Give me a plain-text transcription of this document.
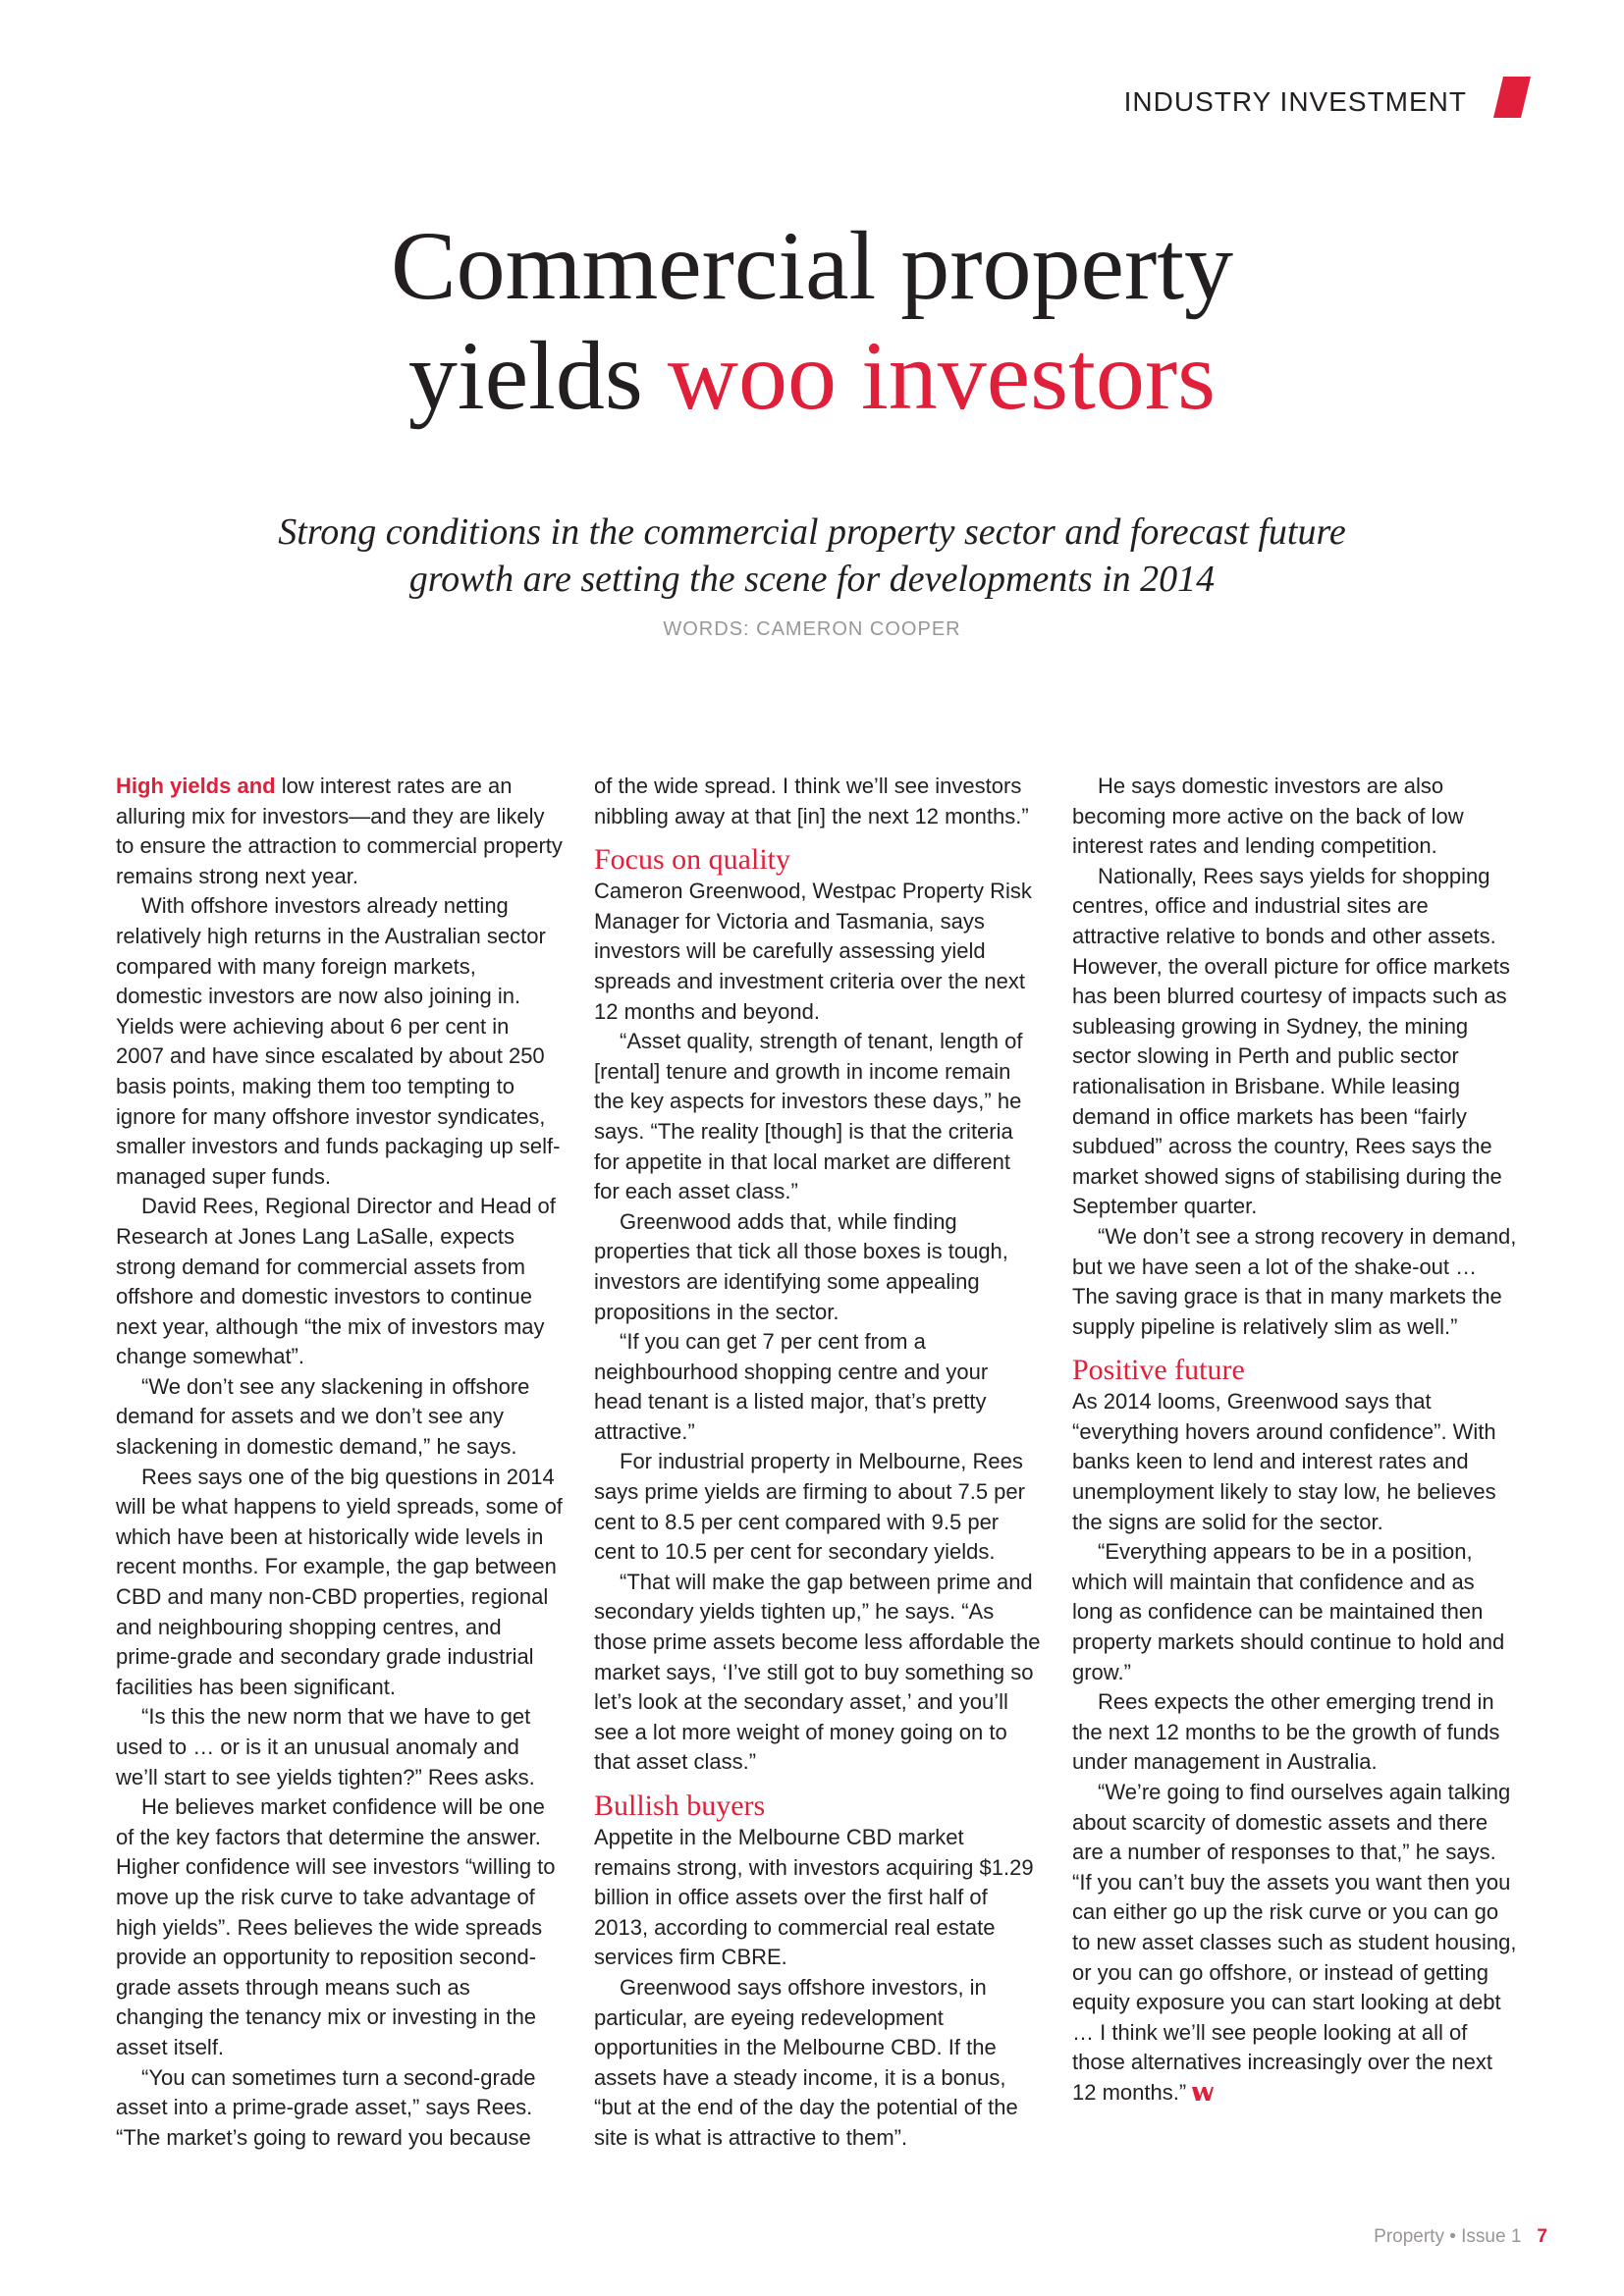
INDUSTRY INVESTMENT
Commercial property
yields woo investors
Strong conditions in the commercial property sector and forecast future
growth are setting the scene for developments in 2014
WORDS: CAMERON COOPER

High yields and low interest rates are an alluring mix for investors—and they are likely to ensure the attraction to commercial property remains strong next year.

With offshore investors already netting relatively high returns in the Australian sector compared with many foreign markets, domestic investors are now also joining in. Yields were achieving about 6 per cent in 2007 and have since escalated by about 250 basis points, making them too tempting to ignore for many offshore investor syndicates, smaller investors and funds packaging up self-managed super funds.

David Rees, Regional Director and Head of Research at Jones Lang LaSalle, expects strong demand for commercial assets from offshore and domestic investors to continue next year, although “the mix of investors may change somewhat”.

“We don’t see any slackening in offshore demand for assets and we don’t see any slackening in domestic demand,” he says.

Rees says one of the big questions in 2014 will be what happens to yield spreads, some of which have been at historically wide levels in recent months. For example, the gap between CBD and many non-CBD properties, regional and neighbouring shopping centres, and prime-grade and secondary grade industrial facilities has been significant.

“Is this the new norm that we have to get used to … or is it an unusual anomaly and we’ll start to see yields tighten?” Rees asks.

He believes market confidence will be one of the key factors that determine the answer. Higher confidence will see investors “willing to move up the risk curve to take advantage of high yields”. Rees believes the wide spreads provide an opportunity to reposition second-grade assets through means such as changing the tenancy mix or investing in the asset itself.

“You can sometimes turn a second-grade asset into a prime-grade asset,” says Rees. “The market’s going to reward you because

of the wide spread. I think we’ll see investors nibbling away at that [in] the next 12 months.”

Focus on quality

Cameron Greenwood, Westpac Property Risk Manager for Victoria and Tasmania, says investors will be carefully assessing yield spreads and investment criteria over the next 12 months and beyond.

“Asset quality, strength of tenant, length of [rental] tenure and growth in income remain the key aspects for investors these days,” he says. “The reality [though] is that the criteria for appetite in that local market are different for each asset class.”

Greenwood adds that, while finding properties that tick all those boxes is tough, investors are identifying some appealing propositions in the sector.

“If you can get 7 per cent from a neighbourhood shopping centre and your head tenant is a listed major, that’s pretty attractive.”

For industrial property in Melbourne, Rees says prime yields are firming to about 7.5 per cent to 8.5 per cent compared with 9.5 per cent to 10.5 per cent for secondary yields.

“That will make the gap between prime and secondary yields tighten up,” he says. “As those prime assets become less affordable the market says, ‘I’ve still got to buy something so let’s look at the secondary asset,’ and you’ll see a lot more weight of money going on to that asset class.”

Bullish buyers

Appetite in the Melbourne CBD market remains strong, with investors acquiring $1.29 billion in office assets over the first half of 2013, according to commercial real estate services firm CBRE.

Greenwood says offshore investors, in particular, are eyeing redevelopment opportunities in the Melbourne CBD. If the assets have a steady income, it is a bonus, “but at the end of the day the potential of the site is what is attractive to them”.

He says domestic investors are also becoming more active on the back of low interest rates and lending competition.

Nationally, Rees says yields for shopping centres, office and industrial sites are attractive relative to bonds and other assets. However, the overall picture for office markets has been blurred courtesy of impacts such as subleasing growing in Sydney, the mining sector slowing in Perth and public sector rationalisation in Brisbane. While leasing demand in office markets has been “fairly subdued” across the country, Rees says the market showed signs of stabilising during the September quarter.

“We don’t see a strong recovery in demand, but we have seen a lot of the shake-out … The saving grace is that in many markets the supply pipeline is relatively slim as well.”

Positive future

As 2014 looms, Greenwood says that “everything hovers around confidence”. With banks keen to lend and interest rates and unemployment likely to stay low, he believes the signs are solid for the sector.

“Everything appears to be in a position, which will maintain that confidence and as long as confidence can be maintained then property markets should continue to hold and grow.”

Rees expects the other emerging trend in the next 12 months to be the growth of funds under management in Australia.

“We’re going to find ourselves again talking about scarcity of domestic assets and there are a number of responses to that,” he says. “If you can’t buy the assets you want then you can either go up the risk curve or you can go to new asset classes such as student housing, or you can go offshore, or instead of getting equity exposure you can start looking at debt … I think we’ll see people looking at all of those alternatives increasingly over the next 12 months.”

Property • Issue 1 7
